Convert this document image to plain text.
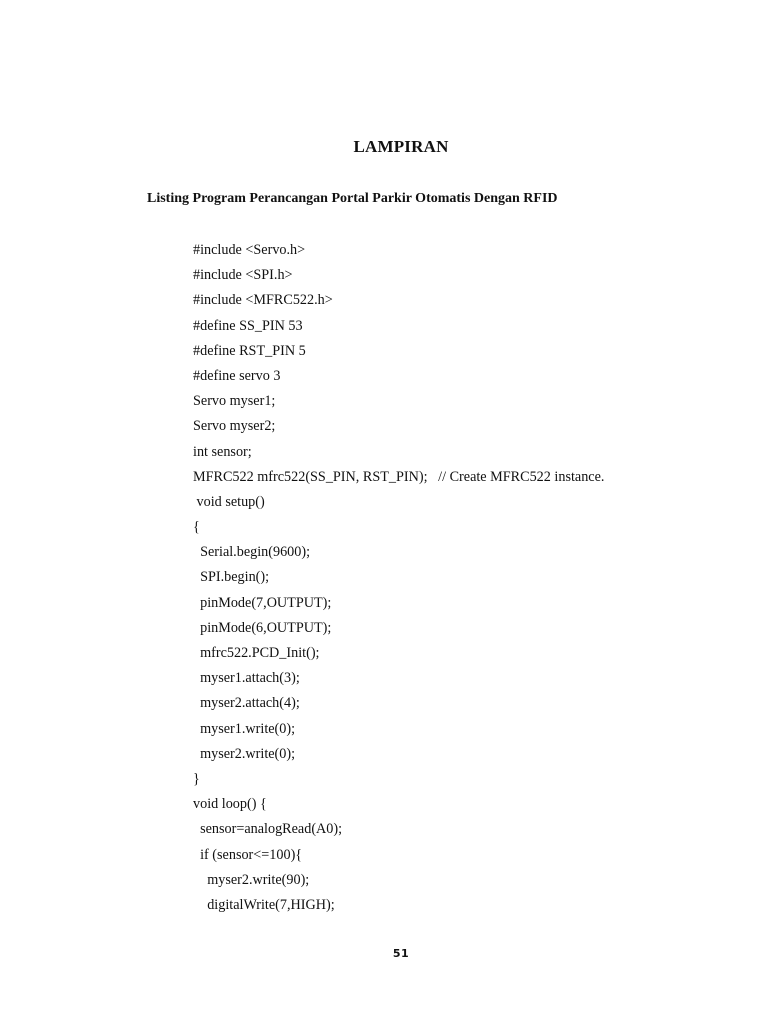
LAMPIRAN
Listing Program Perancangan Portal Parkir Otomatis Dengan RFID
#include <Servo.h>
#include <SPI.h>
#include <MFRC522.h>
#define SS_PIN 53
#define RST_PIN 5
#define servo 3
Servo myser1;
Servo myser2;
int sensor;
MFRC522 mfrc522(SS_PIN, RST_PIN);   // Create MFRC522 instance.
void setup()
{
Serial.begin(9600);
SPI.begin();
pinMode(7,OUTPUT);
pinMode(6,OUTPUT);
mfrc522.PCD_Init();
myser1.attach(3);
myser2.attach(4);
myser1.write(0);
myser2.write(0);
}
void loop() {
sensor=analogRead(A0);
if (sensor<=100){
myser2.write(90);
digitalWrite(7,HIGH);
51
